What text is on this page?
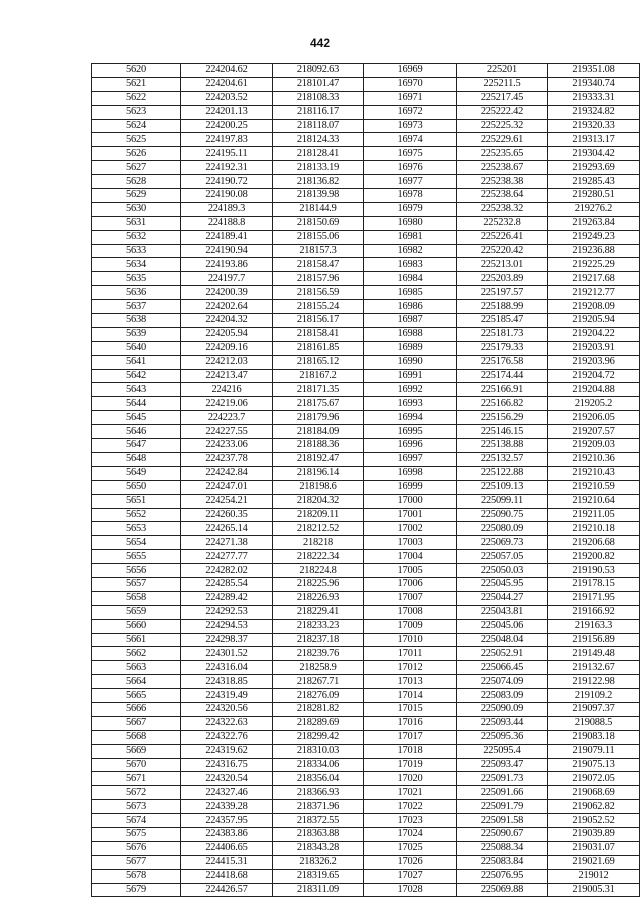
442
5620	224204.62	218092.63	16969	225201	219351.08
5621	224204.61	218101.47	16970	225211.5	219340.74
5622	224203.52	218108.33	16971	225217.45	219333.31
5623	224201.13	218116.17	16972	225222.42	219324.82
5624	224200.25	218118.07	16973	225225.32	219320.33
5625	224197.83	218124.33	16974	225229.61	219313.17
5626	224195.11	218128.41	16975	225235.65	219304.42
5627	224192.31	218133.19	16976	225238.67	219293.69
5628	224190.72	218136.82	16977	225238.38	219285.43
5629	224190.08	218139.98	16978	225238.64	219280.51
5630	224189.3	218144.9	16979	225238.32	219276.2
5631	224188.8	218150.69	16980	225232.8	219263.84
5632	224189.41	218155.06	16981	225226.41	219249.23
5633	224190.94	218157.3	16982	225220.42	219236.88
5634	224193.86	218158.47	16983	225213.01	219225.29
5635	224197.7	218157.96	16984	225203.89	219217.68
5636	224200.39	218156.59	16985	225197.57	219212.77
5637	224202.64	218155.24	16986	225188.99	219208.09
5638	224204.32	218156.17	16987	225185.47	219205.94
5639	224205.94	218158.41	16988	225181.73	219204.22
5640	224209.16	218161.85	16989	225179.33	219203.91
5641	224212.03	218165.12	16990	225176.58	219203.96
5642	224213.47	218167.2	16991	225174.44	219204.72
5643	224216	218171.35	16992	225166.91	219204.88
5644	224219.06	218175.67	16993	225166.82	219205.2
5645	224223.7	218179.96	16994	225156.29	219206.05
5646	224227.55	218184.09	16995	225146.15	219207.57
5647	224233.06	218188.36	16996	225138.88	219209.03
5648	224237.78	218192.47	16997	225132.57	219210.36
5649	224242.84	218196.14	16998	225122.88	219210.43
5650	224247.01	218198.6	16999	225109.13	219210.59
5651	224254.21	218204.32	17000	225099.11	219210.64
5652	224260.35	218209.11	17001	225090.75	219211.05
5653	224265.14	218212.52	17002	225080.09	219210.18
5654	224271.38	218218	17003	225069.73	219206.68
5655	224277.77	218222.34	17004	225057.05	219200.82
5656	224282.02	218224.8	17005	225050.03	219190.53
5657	224285.54	218225.96	17006	225045.95	219178.15
5658	224289.42	218226.93	17007	225044.27	219171.95
5659	224292.53	218229.41	17008	225043.81	219166.92
5660	224294.53	218233.23	17009	225045.06	219163.3
5661	224298.37	218237.18	17010	225048.04	219156.89
5662	224301.52	218239.76	17011	225052.91	219149.48
5663	224316.04	218258.9	17012	225066.45	219132.67
5664	224318.85	218267.71	17013	225074.09	219122.98
5665	224319.49	218276.09	17014	225083.09	219109.2
5666	224320.56	218281.82	17015	225090.09	219097.37
5667	224322.63	218289.69	17016	225093.44	219088.5
5668	224322.76	218299.42	17017	225095.36	219083.18
5669	224319.62	218310.03	17018	225095.4	219079.11
5670	224316.75	218334.06	17019	225093.47	219075.13
5671	224320.54	218356.04	17020	225091.73	219072.05
5672	224327.46	218366.93	17021	225091.66	219068.69
5673	224339.28	218371.96	17022	225091.79	219062.82
5674	224357.95	218372.55	17023	225091.58	219052.52
5675	224383.86	218363.88	17024	225090.67	219039.89
5676	224406.65	218343.28	17025	225088.34	219031.07
5677	224415.31	218326.2	17026	225083.84	219021.69
5678	224418.68	218319.65	17027	225076.95	219012
5679	224426.57	218311.09	17028	225069.88	219005.31
